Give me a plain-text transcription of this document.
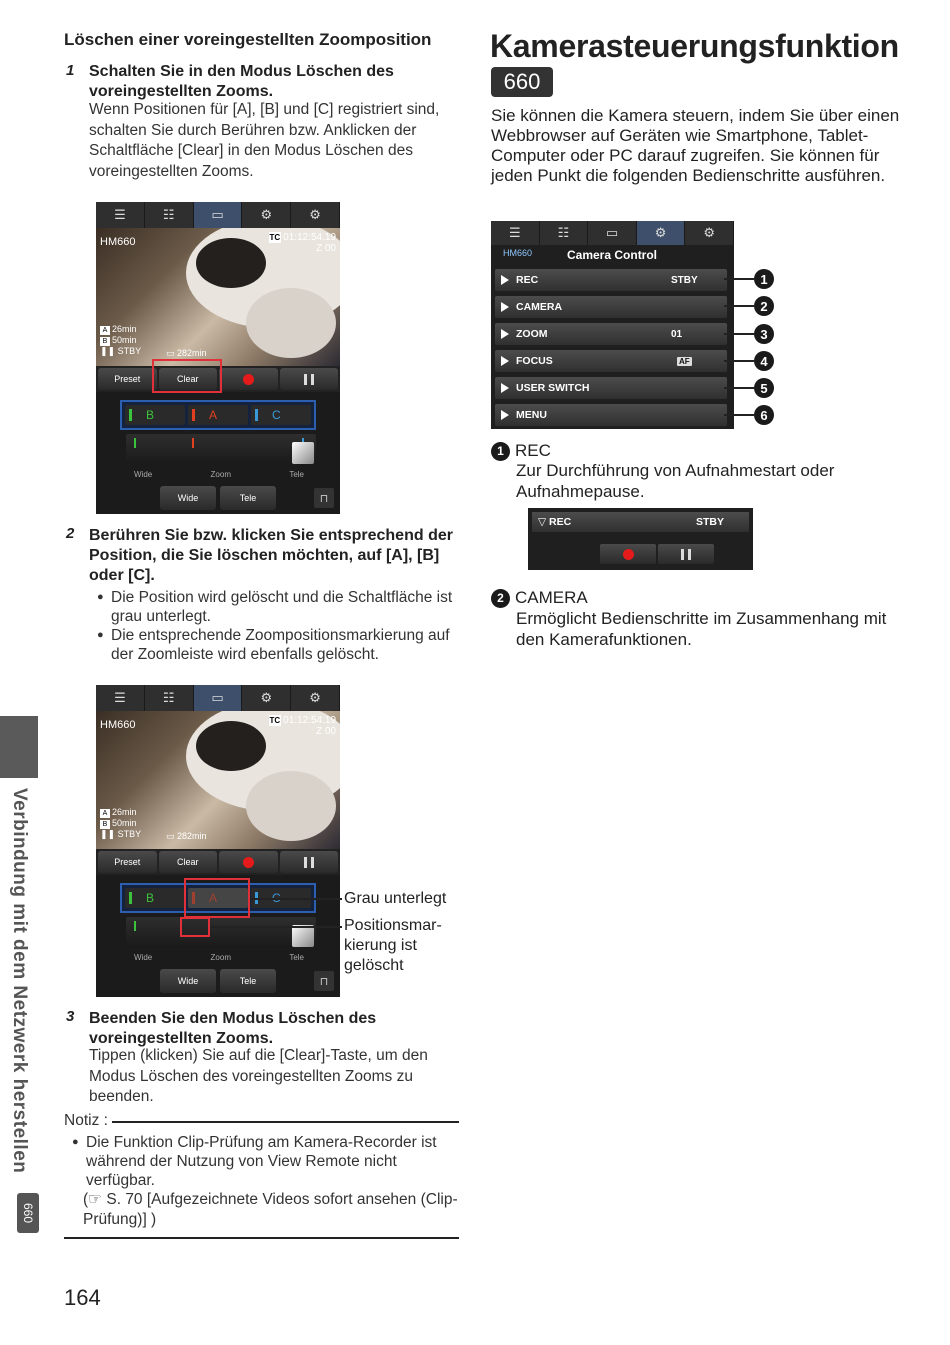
Verbindung mit dem Netzwerk herstellen
660
Löschen einer voreingestellten Zoomposition
1 Schalten Sie in den Modus Löschen des voreingestellten Zooms.
Wenn Positionen für [A], [B] und [C] registriert sind, schalten Sie durch Berühren bzw. Anklicken der Schaltfläche [Clear] in den Modus Löschen des voreingestellten Zooms.
☰	☷	▭	⚙	⚙
HM660	TC 01:12:54.19
Z 00
A 26min
B 50min
❚❚ STBY	▭ 282min
Preset	Clear
B	A	C
Wide	Zoom	Tele
Wide	Tele	⊓
2 Berühren Sie bzw. klicken Sie entsprechend der Position, die Sie löschen möchten, auf [A], [B] oder [C].
● Die Position wird gelöscht und die Schaltfläche ist grau unterlegt.
● Die entsprechende Zoompositionsmarkierung auf der Zoomleiste wird ebenfalls gelöscht.
☰	☷	▭	⚙	⚙
HM660	TC 01:12:54.19
Z 00
A 26min
B 50min
❚❚ STBY	▭ 282min
Preset	Clear
B	A
Wide	Zoom	Tele
Wide	Tele	⊓
Grau unterlegt
Positionsmar-kierung ist gelöscht
3 Beenden Sie den Modus Löschen des voreingestellten Zooms.
Tippen (klicken) Sie auf die [Clear]-Taste, um den Modus Löschen des voreingestellten Zooms zu beenden.
Notiz :
● Die Funktion Clip-Prüfung am Kamera-Recorder ist während der Nutzung von View Remote nicht verfügbar.
(☞ S. 70 [Aufgezeichnete Videos sofort ansehen (Clip-Prüfung)] )
164
Kamerasteuerungsfunktion
660
Sie können die Kamera steuern, indem Sie über einen Webbrowser auf Geräten wie Smartphone, Tablet-Computer oder PC darauf zugreifen. Sie können für jeden Punkt die folgenden Bedienschritte ausführen.
☰	☷	▭	⚙	⚙
HM660	Camera Control
REC	STBY
CAMERA
ZOOM	01
FOCUS	AF
USER SWITCH
MENU
1
2
3
4
5
6
1 REC
Zur Durchführung von Aufnahmestart oder Aufnahmepause.
▽ REC	STBY
2 CAMERA
Ermöglicht Bedienschritte im Zusammenhang mit den Kamerafunktionen.
